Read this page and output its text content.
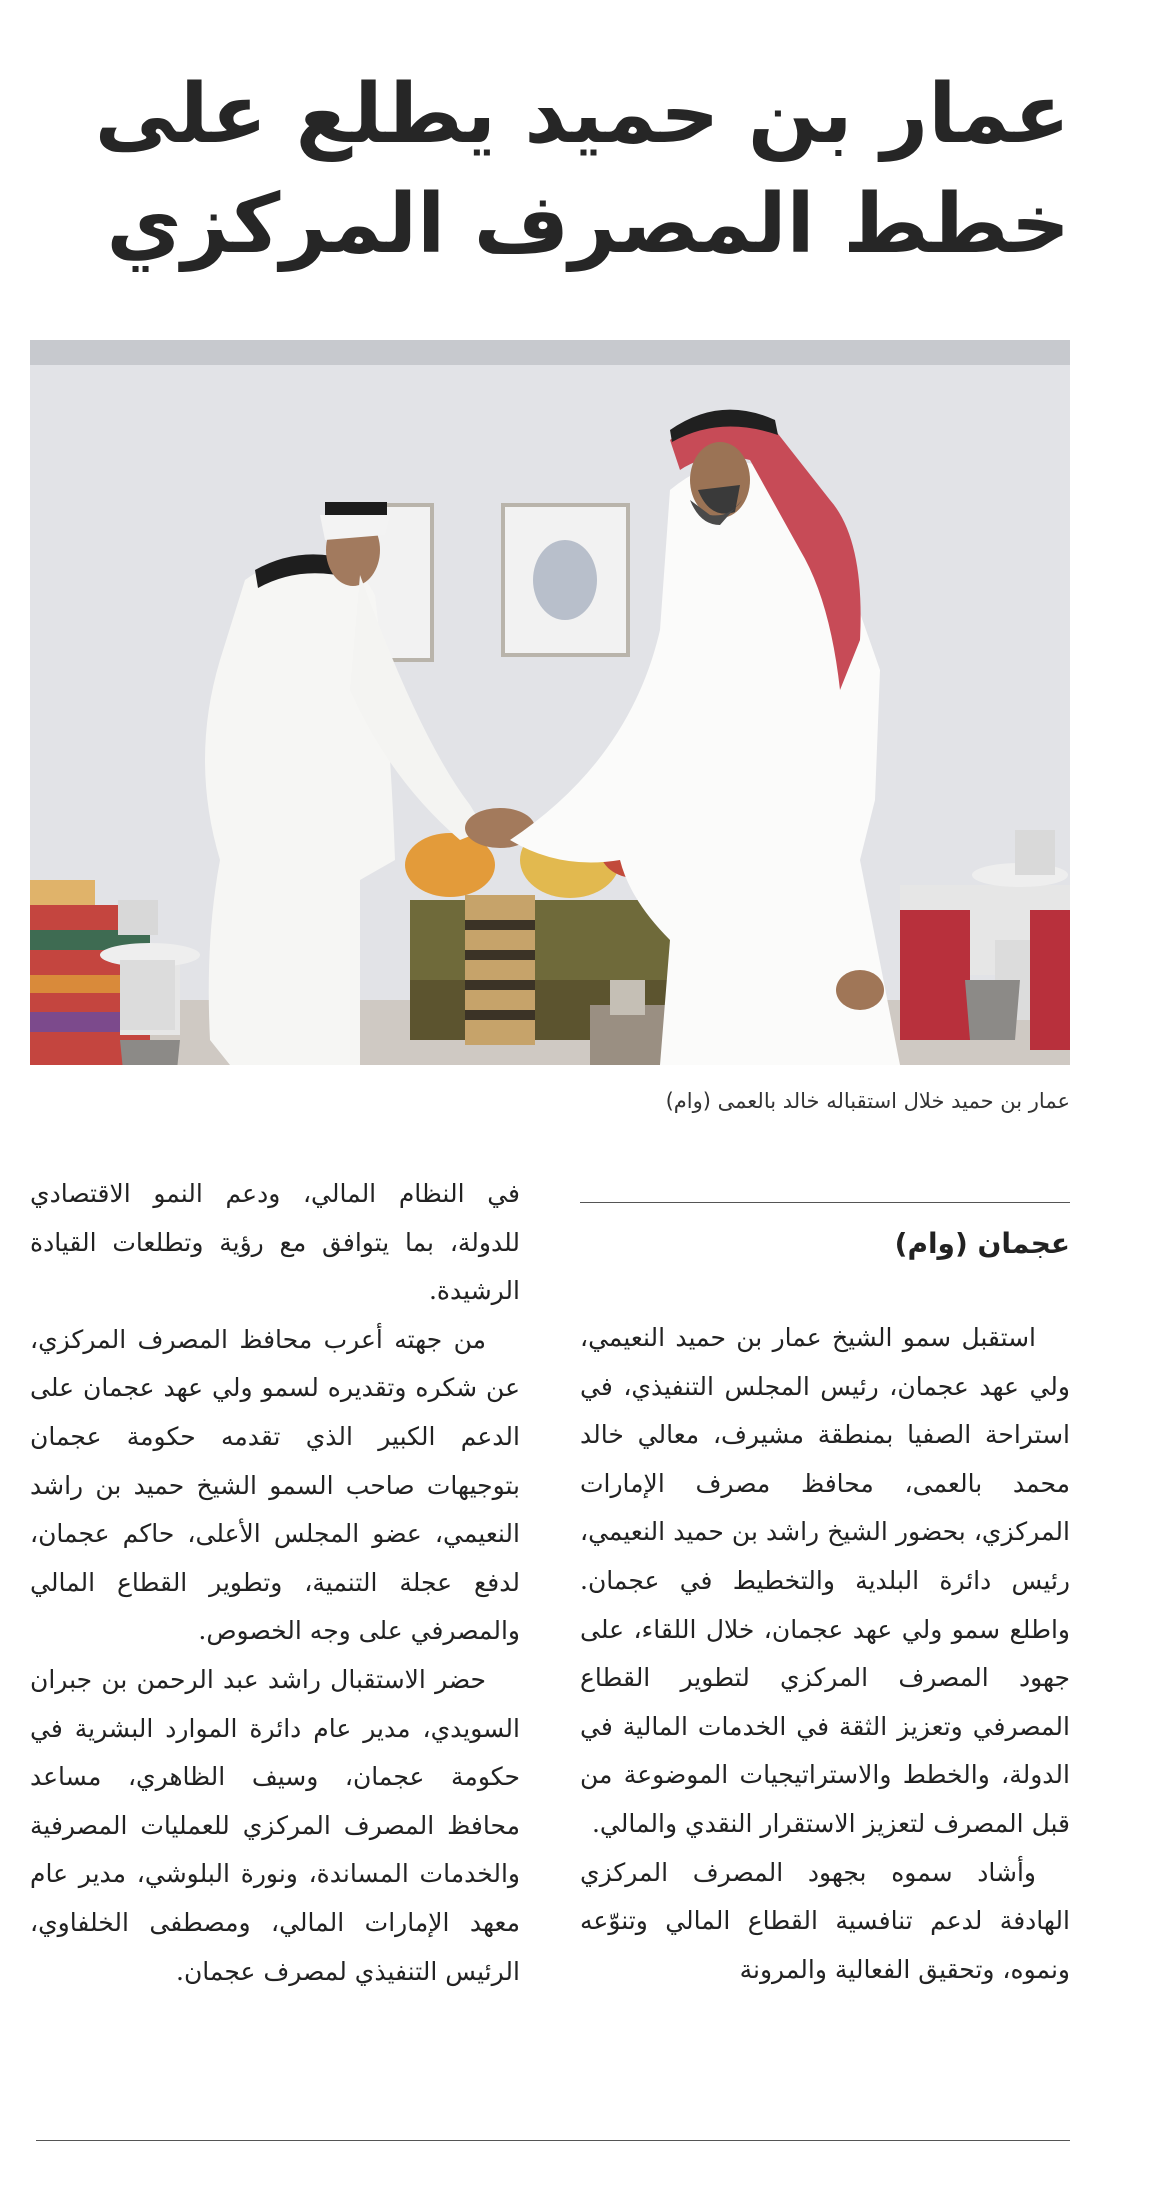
عمار بن حميد يطلع على خطط المصرف المركزي
عمار بن حميد خلال استقباله خالد بالعمى (وام)
عجمان (وام)

استقبل سمو الشيخ عمار بن حميد النعيمي، ولي عهد عجمان، رئيس المجلس التنفيذي، في استراحة الصفيا بمنطقة مشيرف، معالي خالد محمد بالعمى، محافظ مصرف الإمارات المركزي، بحضور الشيخ راشد بن حميد النعيمي، رئيس دائرة البلدية والتخطيط في عجمان. واطلع سمو ولي عهد عجمان، خلال اللقاء، على جهود المصرف المركزي لتطوير القطاع المصرفي وتعزيز الثقة في الخدمات المالية في الدولة، والخطط والاستراتيجيات الموضوعة من قبل المصرف لتعزيز الاستقرار النقدي والمالي.

وأشاد سموه بجهود المصرف المركزي الهادفة لدعم تنافسية القطاع المالي وتنوّعه ونموه، وتحقيق الفعالية والمرونة

في النظام المالي، ودعم النمو الاقتصادي للدولة، بما يتوافق مع رؤية وتطلعات القيادة الرشيدة.

من جهته أعرب محافظ المصرف المركزي، عن شكره وتقديره لسمو ولي عهد عجمان على الدعم الكبير الذي تقدمه حكومة عجمان بتوجيهات صاحب السمو الشيخ حميد بن راشد النعيمي، عضو المجلس الأعلى، حاكم عجمان، لدفع عجلة التنمية، وتطوير القطاع المالي والمصرفي على وجه الخصوص.

حضر الاستقبال راشد عبد الرحمن بن جبران السويدي، مدير عام دائرة الموارد البشرية في حكومة عجمان، وسيف الظاهري، مساعد محافظ المصرف المركزي للعمليات المصرفية والخدمات المساندة، ونورة البلوشي، مدير عام معهد الإمارات المالي، ومصطفى الخلفاوي، الرئيس التنفيذي لمصرف عجمان.
